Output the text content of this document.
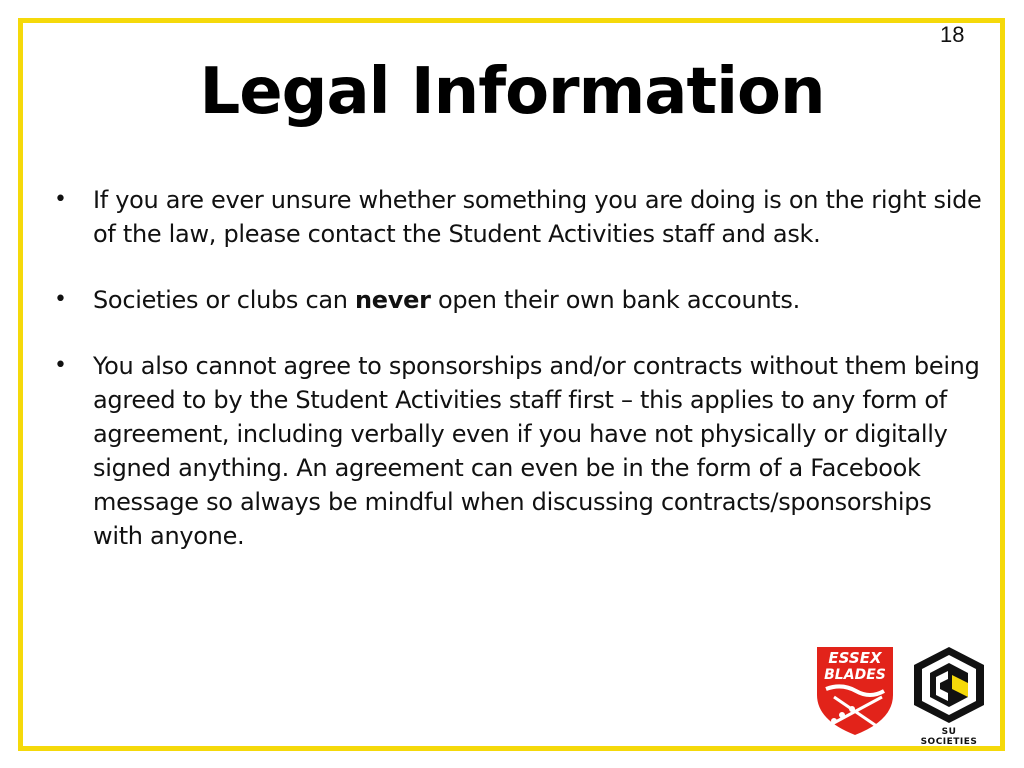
18
Legal Information
• If you are ever unsure whether something you are doing is on the right side of the law, please contact the Student Activities staff and ask.
• Societies or clubs can never open their own bank accounts.
• You also cannot agree to sponsorships and/or contracts without them being agreed to by the Student Activities staff first – this applies to any form of agreement, including verbally even if you have not physically or digitally signed anything. An agreement can even be in the form of a Facebook message so always be mindful when discussing contracts/sponsorships with anyone.
ESSEX
BLADES
SU SOCIETIES
